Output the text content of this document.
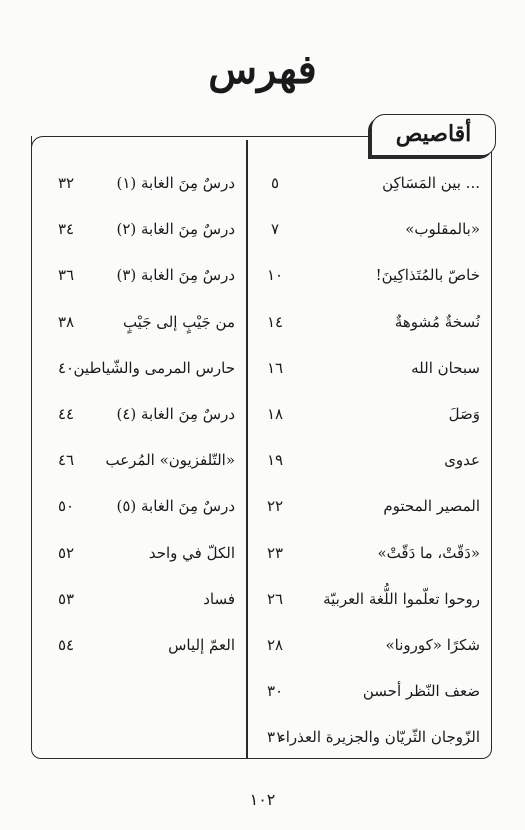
فهرس
أقاصيص
... بين المَسَاكِن
٥
«بالمقلوب»
٧
خاصّ بالمُتَذاكِينَ!
١٠
نُسخةٌ مُشوهةٌ
١٤
سبحان الله
١٦
وَصَلَ
١٨
عدوى
١٩
المصير المحتوم
٢٢
«دَقّتْ، ما دَقّتْ»
٢٣
روحوا تعلّموا اللُّغة العربيّة
٢٦
شكرًا «كورونا»
٢٨
ضعف النّظر أحسن
٣٠
الزّوجان الثّريّان والجزيرة العذراء
٣١
درسٌ مِنَ الغابة (١)
٣٢
درسٌ مِنَ الغابة (٢)
٣٤
درسٌ مِنَ الغابة (٣)
٣٦
من جَيْبٍ إلى جَيْبٍ
٣٨
حارس المرمى والشّياطين
٤٠
درسٌ مِنَ الغابة (٤)
٤٤
«التّلفزيون» المُرعب
٤٦
درسٌ مِنَ الغابة (٥)
٥٠
الكلّ في واحد
٥٢
فساد
٥٣
العمّ إلياس
٥٤
١٠٢
